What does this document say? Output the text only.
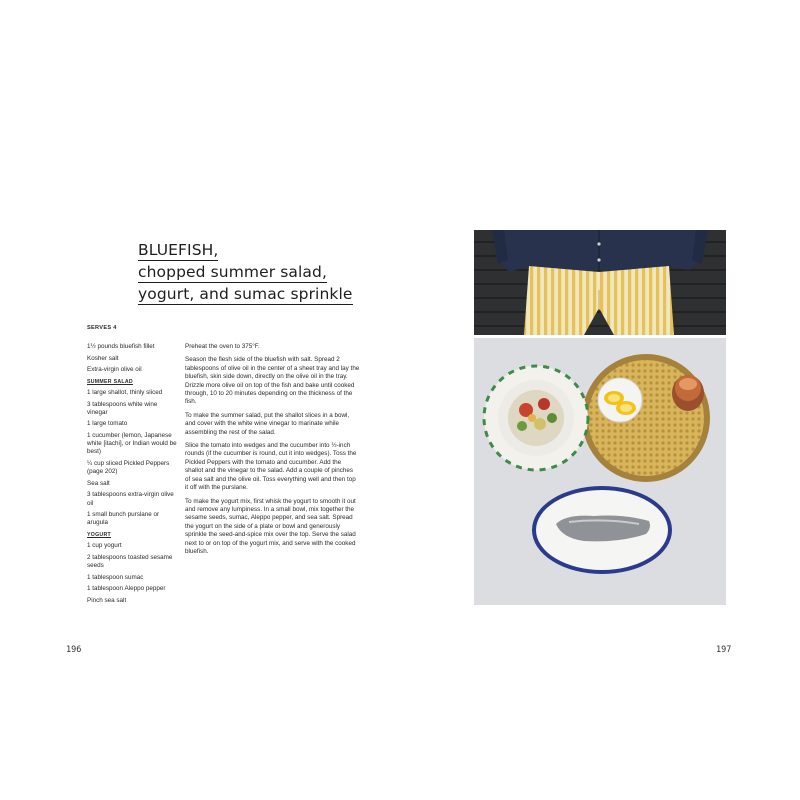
BLUEFISH,
chopped summer salad,
yogurt, and sumac sprinkle
SERVES 4
1½ pounds bluefish fillet
Kosher salt
Extra-virgin olive oil
SUMMER SALAD
1 large shallot, thinly sliced
3 tablespoons white wine vinegar
1 large tomato
1 cucumber (lemon, Japanese white [itachi], or Indian would be best)
¼ cup sliced Pickled Peppers (page 202)
Sea salt
3 tablespoons extra-virgin olive oil
1 small bunch purslane or arugula
YOGURT
1 cup yogurt
2 tablespoons toasted sesame seeds
1 tablespoon sumac
1 tablespoon Aleppo pepper
Pinch sea salt

Preheat the oven to 375°F.

Season the flesh side of the bluefish with salt. Spread 2 tablespoons of olive oil in the center of a sheet tray and lay the bluefish, skin side down, directly on the olive oil in the tray. Drizzle more olive oil on top of the fish and bake until cooked through, 10 to 20 minutes depending on the thickness of the fish.

To make the summer salad, put the shallot slices in a bowl, and cover with the white wine vinegar to marinate while assembling the rest of the salad.

Slice the tomato into wedges and the cucumber into ½-inch rounds (if the cucumber is round, cut it into wedges). Toss the Pickled Peppers with the tomato and cucumber. Add the shallot and the vinegar to the salad. Add a couple of pinches of sea salt and the olive oil. Toss everything well and then top it off with the purslane.

To make the yogurt mix, first whisk the yogurt to smooth it out and remove any lumpiness. In a small bowl, mix together the sesame seeds, sumac, Aleppo pepper, and sea salt. Spread the yogurt on the side of a plate or bowl and generously sprinkle the seed-and-spice mix over the top. Serve the salad next to or on top of the yogurt mix, and serve with the cooked bluefish.

196	197
